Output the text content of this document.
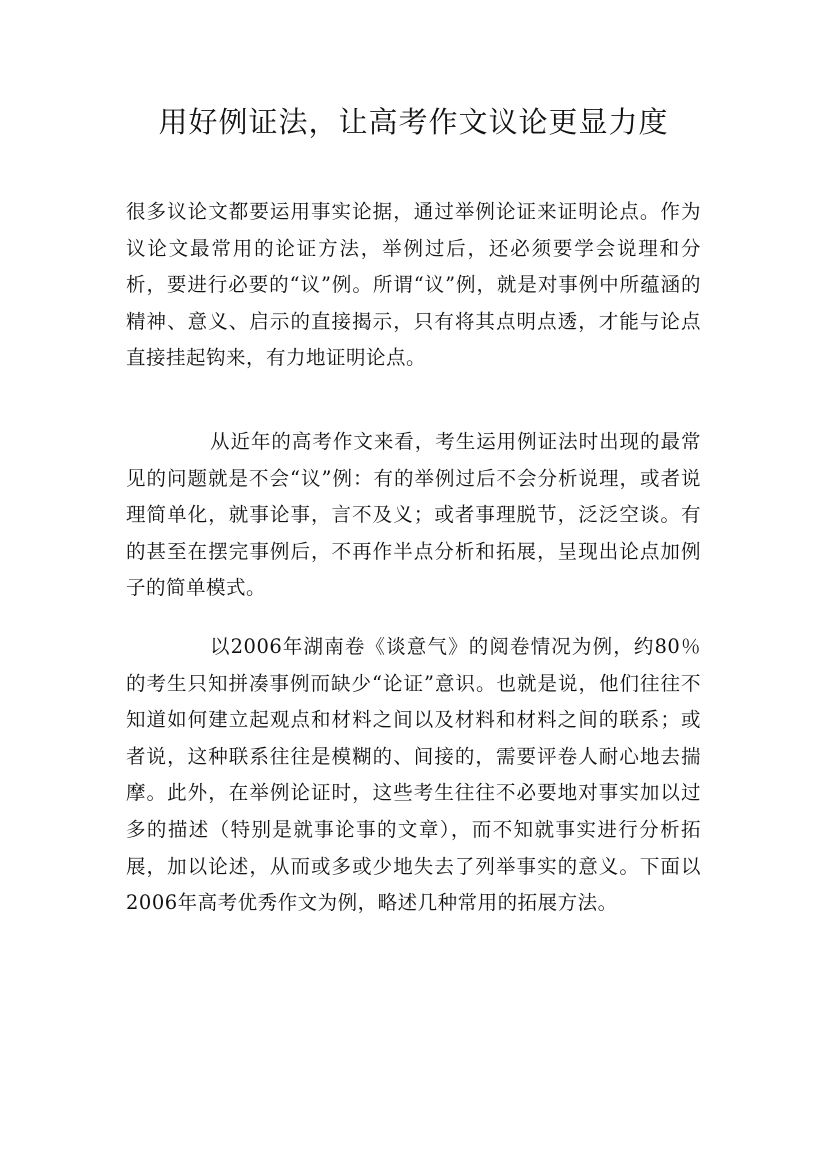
用好例证法，让高考作文议论更显力度

很多议论文都要运用事实论据，通过举例论证来证明论点。作为议论文最常用的论证方法，举例过后，还必须要学会说理和分析，要进行必要的“议”例。所谓“议”例，就是对事例中所蕴涵的精神、意义、启示的直接揭示，只有将其点明点透，才能与论点直接挂起钩来，有力地证明论点。

从近年的高考作文来看，考生运用例证法时出现的最常见的问题就是不会“议”例：有的举例过后不会分析说理，或者说理简单化，就事论事，言不及义；或者事理脱节，泛泛空谈。有的甚至在摆完事例后，不再作半点分析和拓展，呈现出论点加例子的简单模式。

以2006年湖南卷《谈意气》的阅卷情况为例，约80％的考生只知拼凑事例而缺少“论证”意识。也就是说，他们往往不知道如何建立起观点和材料之间以及材料和材料之间的联系；或者说，这种联系往往是模糊的、间接的，需要评卷人耐心地去揣摩。此外，在举例论证时，这些考生往往不必要地对事实加以过多的描述（特别是就事论事的文章），而不知就事实进行分析拓展，加以论述，从而或多或少地失去了列举事实的意义。下面以2006年高考优秀作文为例，略述几种常用的拓展方法。
